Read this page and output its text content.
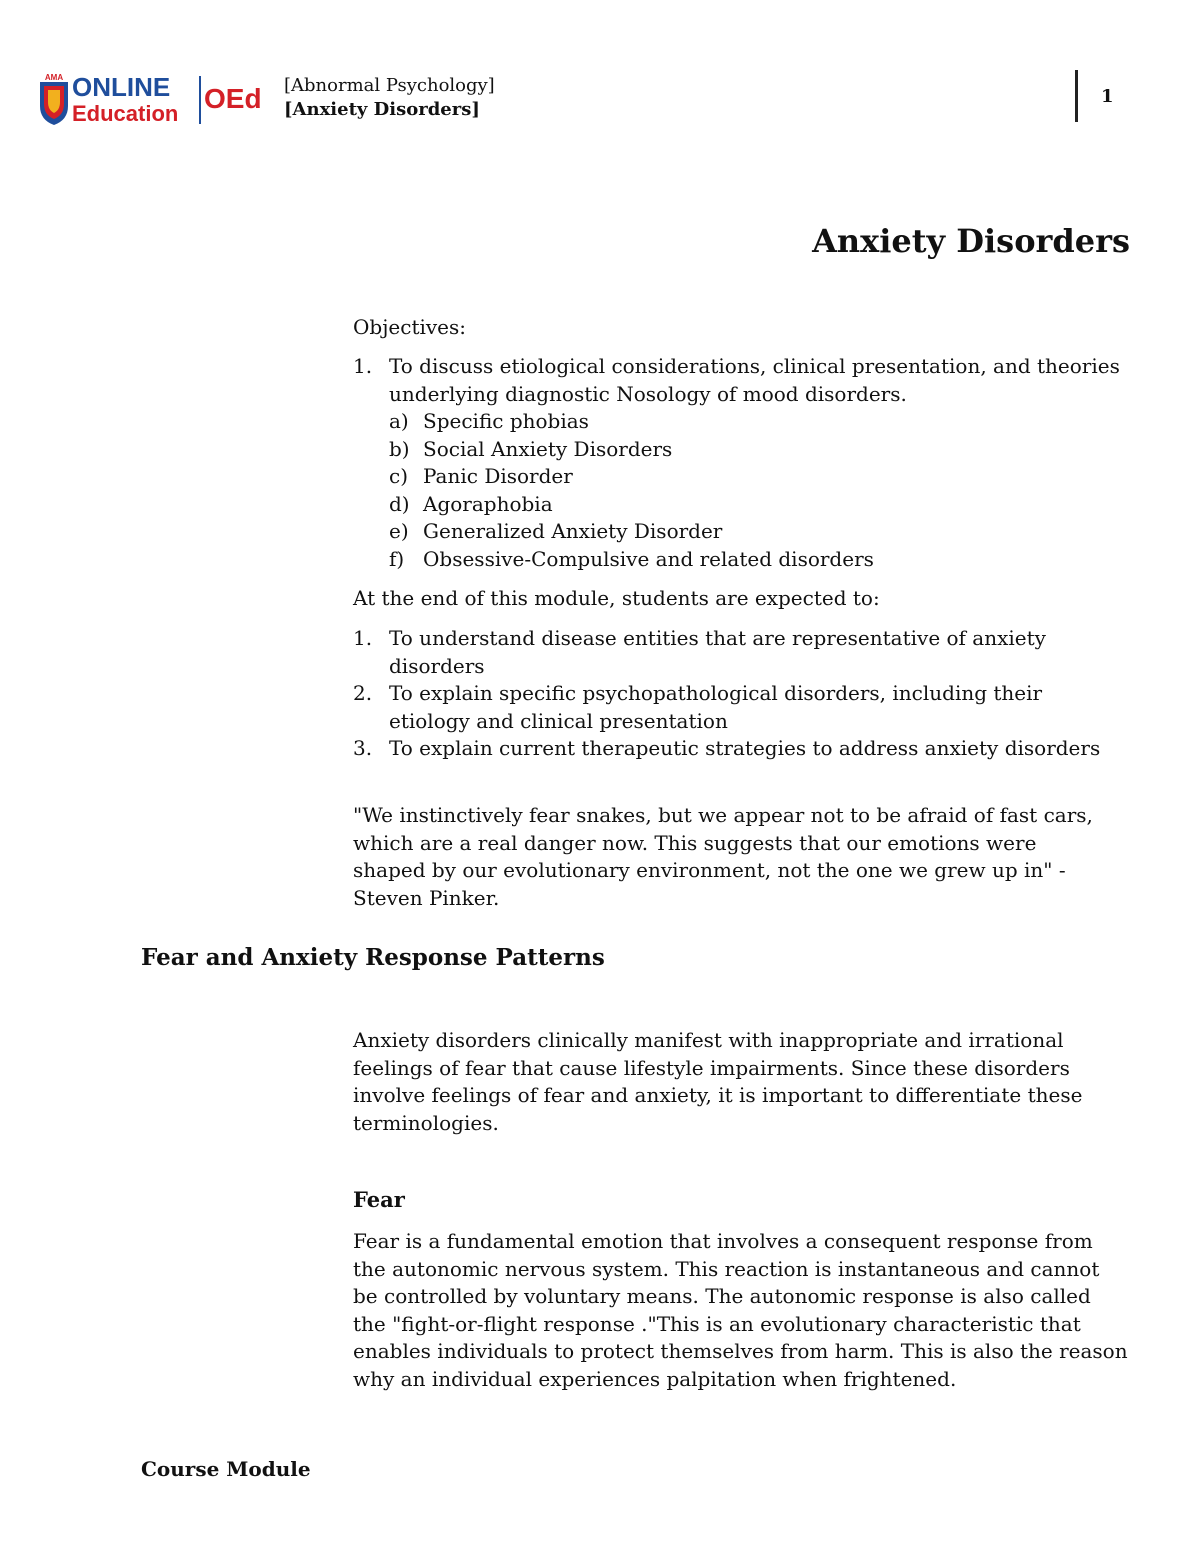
AMA ONLINE
Education OEd [Abnormal Psychology]
[Anxiety Disorders]
1
Anxiety Disorders

Objectives:

1. To discuss etiological considerations, clinical presentation, and theories underlying diagnostic Nosology of mood disorders.
a) Specific phobias
b) Social Anxiety Disorders
c) Panic Disorder
d) Agoraphobia
e) Generalized Anxiety Disorder
f) Obsessive-Compulsive and related disorders

At the end of this module, students are expected to:

1. To understand disease entities that are representative of anxiety disorders
2. To explain specific psychopathological disorders, including their etiology and clinical presentation
3. To explain current therapeutic strategies to address anxiety disorders

"We instinctively fear snakes, but we appear not to be afraid of fast cars, which are a real danger now. This suggests that our emotions were shaped by our evolutionary environment, not the one we grew up in" - Steven Pinker.

Fear and Anxiety Response Patterns

Anxiety disorders clinically manifest with inappropriate and irrational feelings of fear that cause lifestyle impairments. Since these disorders involve feelings of fear and anxiety, it is important to differentiate these terminologies.

Fear

Fear is a fundamental emotion that involves a consequent response from the autonomic nervous system. This reaction is instantaneous and cannot be controlled by voluntary means. The autonomic response is also called the "fight-or-flight response ."This is an evolutionary characteristic that enables individuals to protect themselves from harm. This is also the reason why an individual experiences palpitation when frightened.

Course Module
